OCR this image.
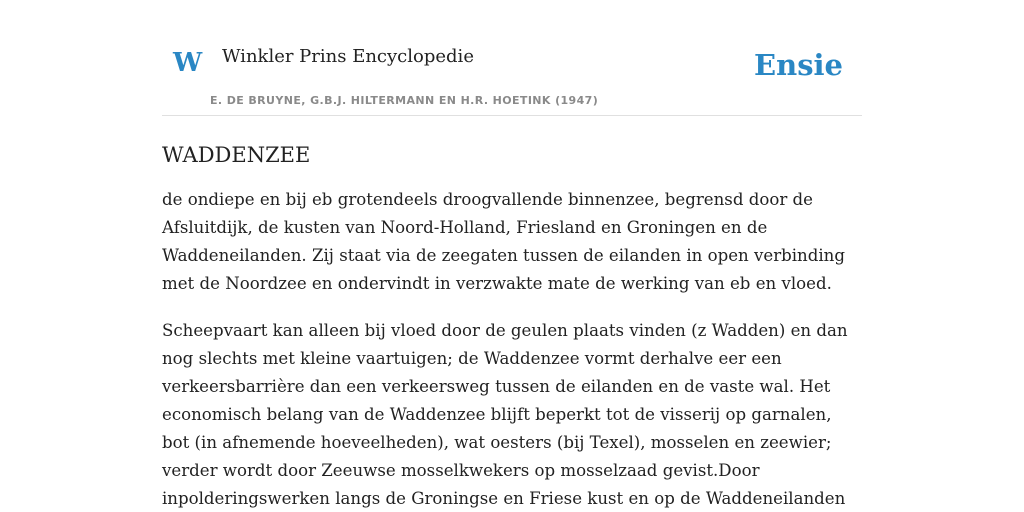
W Winkler Prins Encyclopedie
E. DE BRUYNE, G.B.J. HILTERMANN EN H.R. HOETINK (1947)
Ensie
WADDENZEE

de ondiepe en bij eb grotendeels droogvallende binnenzee, begrensd door de Afsluitdijk, de kusten van Noord-Holland, Friesland en Groningen en de Waddeneilanden. Zij staat via de zeegaten tussen de eilanden in open verbinding met de Noordzee en ondervindt in verzwakte mate de werking van eb en vloed.

Scheepvaart kan alleen bij vloed door de geulen plaats vinden (z Wadden) en dan nog slechts met kleine vaartuigen; de Waddenzee vormt derhalve eer een verkeersbarrière dan een verkeersweg tussen de eilanden en de vaste wal. Het economisch belang van de Waddenzee blijft beperkt tot de visserij op garnalen, bot (in afnemende hoeveelheden), wat oesters (bij Texel), mosselen en zeewier; verder wordt door Zeeuwse mosselkwekers op mosselzaad gevist.Door inpolderingswerken langs de Groningse en Friese kust en op de Waddeneilanden
